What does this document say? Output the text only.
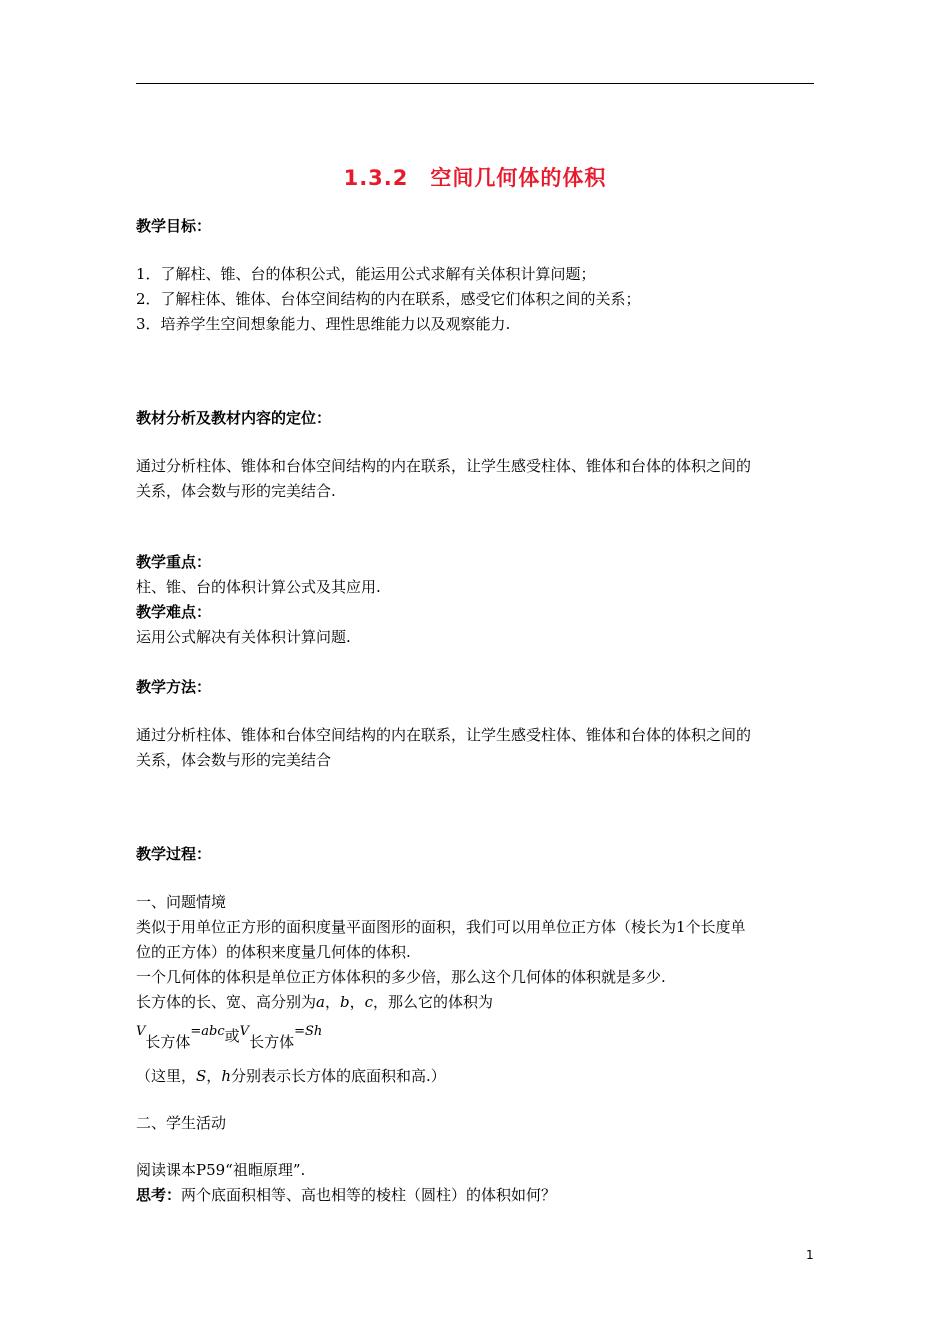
1.3.2　空间几何体的体积
教学目标：
1．了解柱、锥、台的体积公式，能运用公式求解有关体积计算问题；
2．了解柱体、锥体、台体空间结构的内在联系，感受它们体积之间的关系；
3．培养学生空间想象能力、理性思维能力以及观察能力.
教材分析及教材内容的定位：
通过分析柱体、锥体和台体空间结构的内在联系，让学生感受柱体、锥体和台体的体积之间的
关系，体会数与形的完美结合.
教学重点：
柱、锥、台的体积计算公式及其应用.
教学难点：
运用公式解决有关体积计算问题.
教学方法：
通过分析柱体、锥体和台体空间结构的内在联系，让学生感受柱体、锥体和台体的体积之间的
关系，体会数与形的完美结合
教学过程：
一、问题情境
类似于用单位正方形的面积度量平面图形的面积，我们可以用单位正方体（棱长为1个长度单
位的正方体）的体积来度量几何体的体积.
一个几何体的体积是单位正方体体积的多少倍，那么这个几何体的体积就是多少.
长方体的长、宽、高分别为a，b，c，那么它的体积为
V长方体=abc或V长方体=Sh
（这里，S，h分别表示长方体的底面积和高.）
二、学生活动
阅读课本P59“祖暅原理”.
思考：两个底面积相等、高也相等的棱柱（圆柱）的体积如何？
1
